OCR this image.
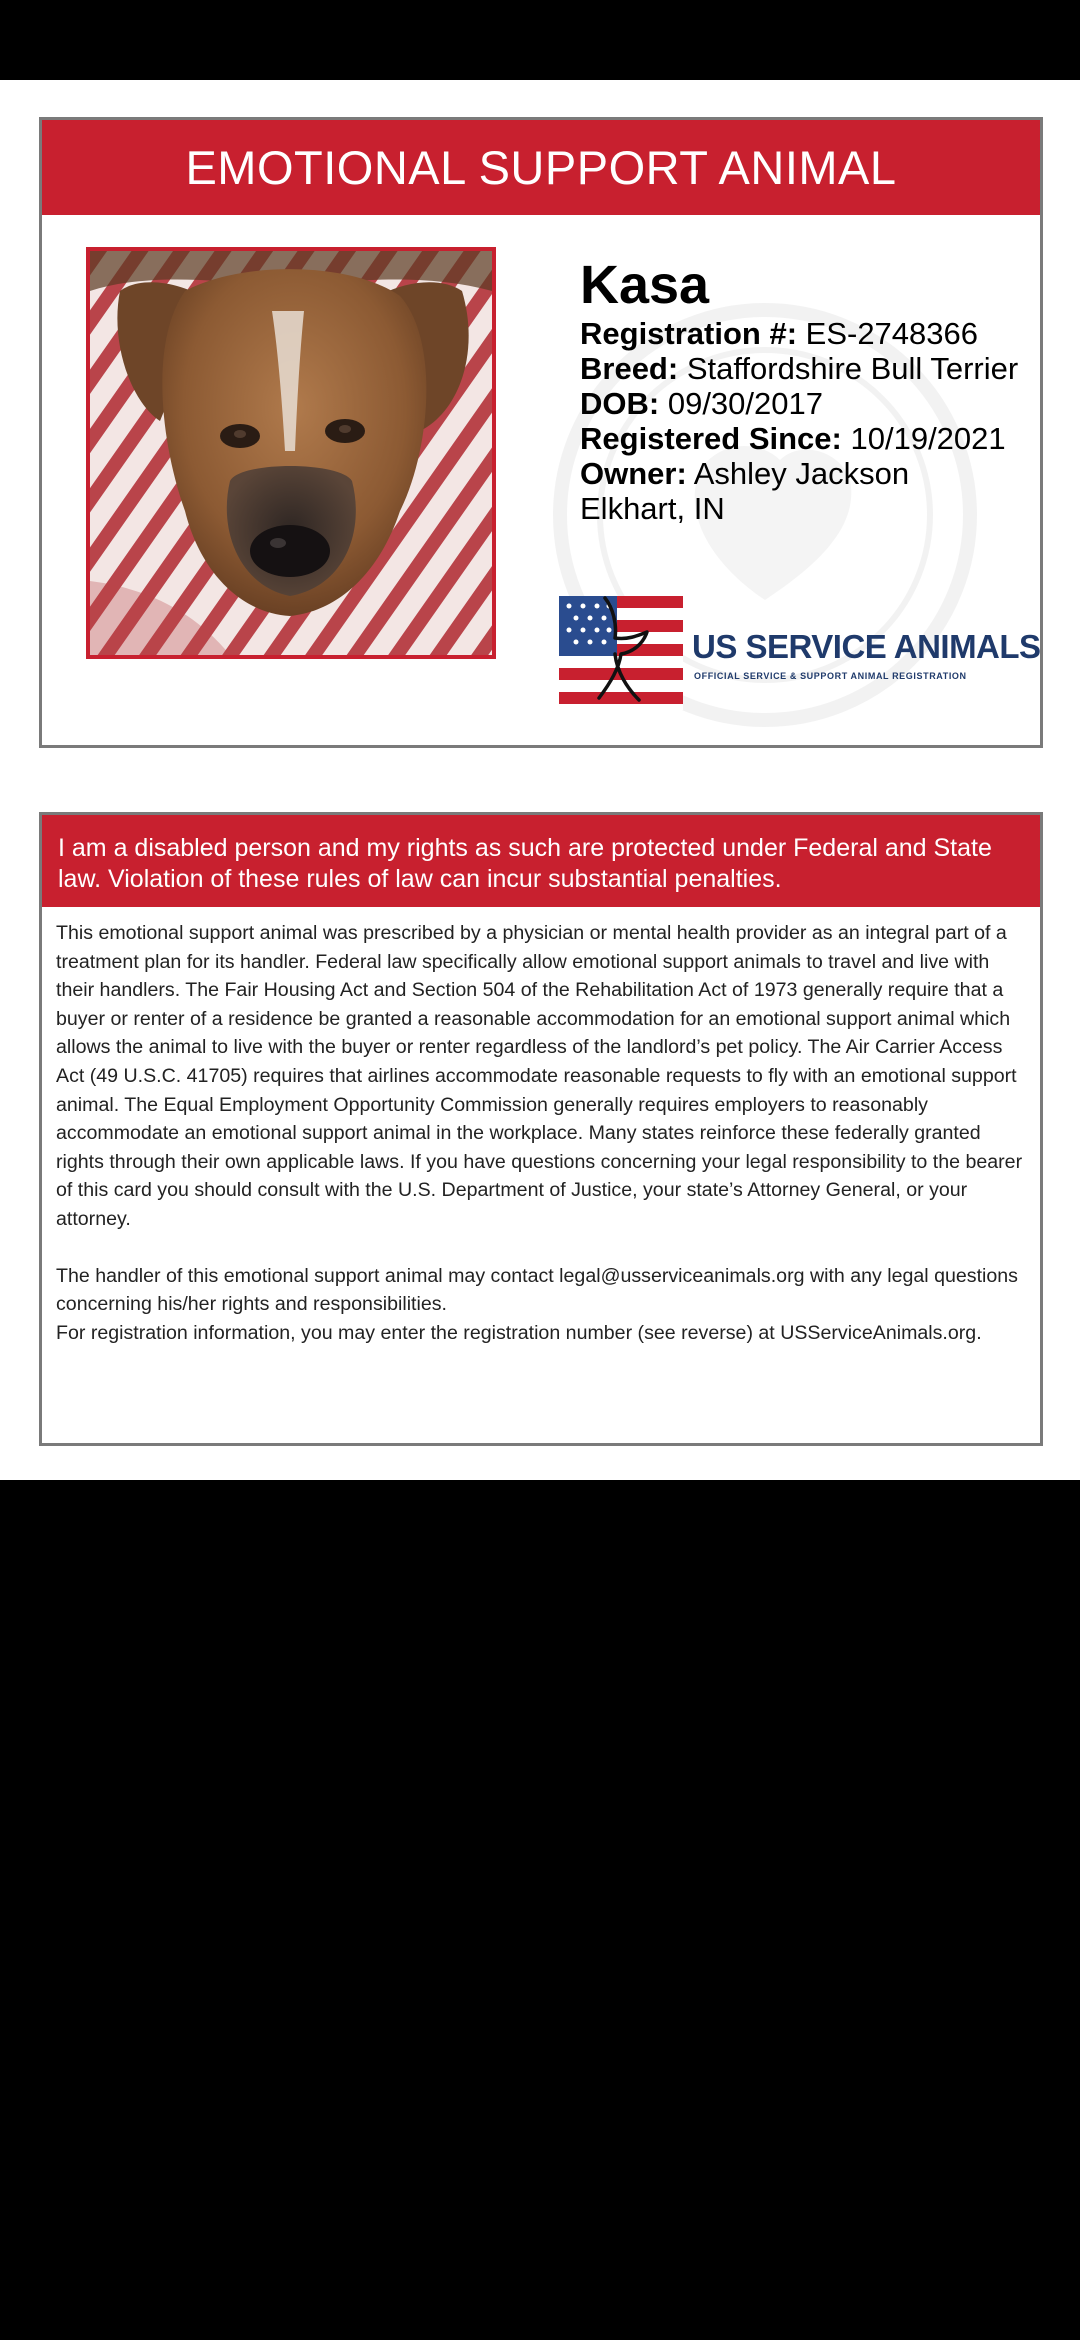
EMOTIONAL SUPPORT ANIMAL
Kasa
Registration #: ES-2748366
Breed: Staffordshire Bull Terrier
DOB: 09/30/2017
Registered Since: 10/19/2021
Owner: Ashley Jackson
Elkhart, IN
US SERVICE ANIMALS
OFFICIAL SERVICE & SUPPORT ANIMAL REGISTRATION
I am a disabled person and my rights as such are protected under Federal and State law. Violation of these rules of law can incur substantial penalties.

This emotional support animal was prescribed by a physician or mental health provider as an integral part of a treatment plan for its handler. Federal law specifically allow emotional support animals to travel and live with their handlers. The Fair Housing Act and Section 504 of the Rehabilitation Act of 1973 generally require that a buyer or renter of a residence be granted a reasonable accommodation for an emotional support animal which allows the animal to live with the buyer or renter regardless of the landlord’s pet policy. The Air Carrier Access Act (49 U.S.C. 41705) requires that airlines accommodate reasonable requests to fly with an emotional support animal. The Equal Employment Opportunity Commission generally requires employers to reasonably accommodate an emotional support animal in the workplace. Many states reinforce these federally granted rights through their own applicable laws. If you have questions concerning your legal responsibility to the bearer of this card you should consult with the U.S. Department of Justice, your state’s Attorney General, or your attorney.

The handler of this emotional support animal may contact legal@usserviceanimals.org with any legal questions concerning his/her rights and responsibilities.

For registration information, you may enter the registration number (see reverse) at USServiceAnimals.org.
